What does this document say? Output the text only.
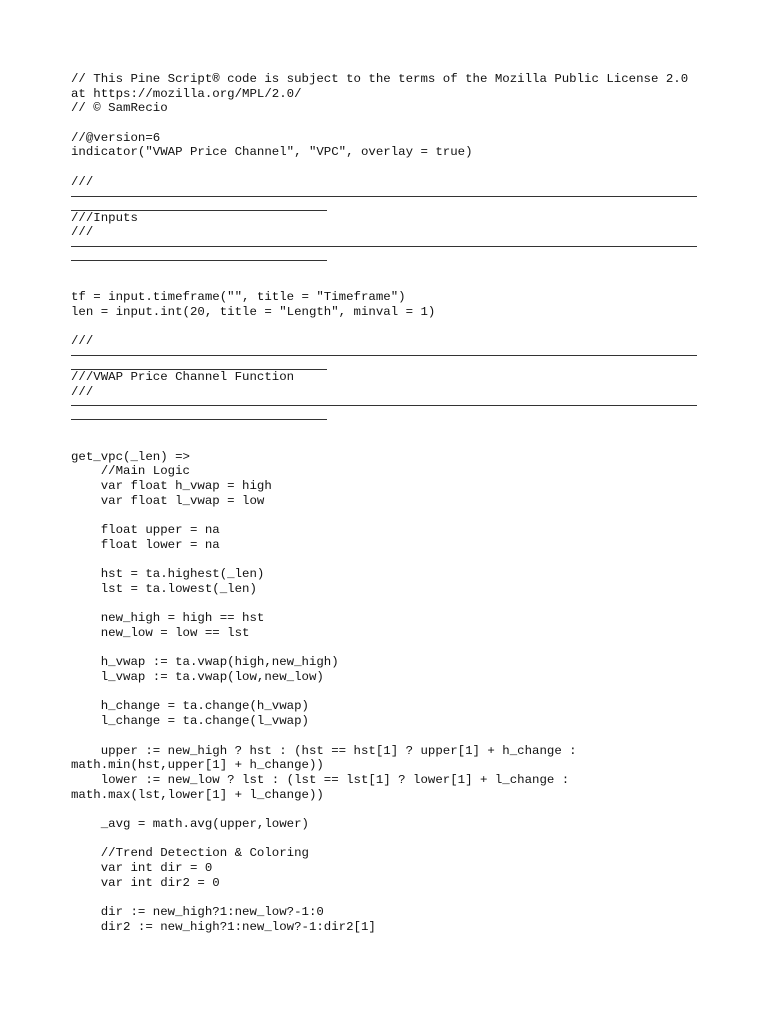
// This Pine Script® code is subject to the terms of the Mozilla Public License 2.0
at https://mozilla.org/MPL/2.0/
// © SamRecio
//@version=6
indicator("VWAP Price Channel", "VPC", overlay = true)
///
///Inputs
///
tf = input.timeframe("", title = "Timeframe")
len = input.int(20, title = "Length", minval = 1)
///
///VWAP Price Channel Function
///
get_vpc(_len) =>
//Main Logic
var float h_vwap = high
var float l_vwap = low
float upper = na
float lower = na
hst = ta.highest(_len)
lst = ta.lowest(_len)
new_high = high == hst
new_low = low == lst
h_vwap := ta.vwap(high,new_high)
l_vwap := ta.vwap(low,new_low)
h_change = ta.change(h_vwap)
l_change = ta.change(l_vwap)
upper := new_high ? hst : (hst == hst[1] ? upper[1] + h_change :
math.min(hst,upper[1] + h_change))
lower := new_low ? lst : (lst == lst[1] ? lower[1] + l_change :
math.max(lst,lower[1] + l_change))
_avg = math.avg(upper,lower)
//Trend Detection & Coloring
var int dir = 0
var int dir2 = 0
dir := new_high?1:new_low?-1:0
dir2 := new_high?1:new_low?-1:dir2[1]
